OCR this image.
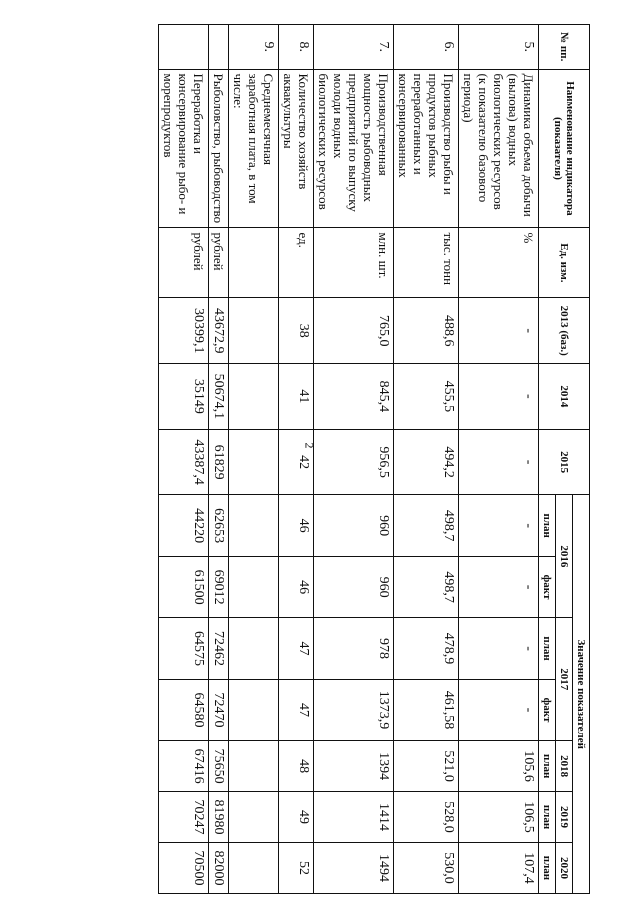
2
№ пп.	Наименование индикатора (показателя)	Ед. изм.	2013 (баз.)	2014	2015	Значение показателей						
						2016		2017		2018	2019	2020
										план	план	план
						план	факт	план	факт			
5.	Динамика объема добычи (вылова) водных биологических ресурсов (к показателю базового периода)	%	-	-	-	-	-	-	-	105,6	106,5	107,4
6.	Производство рыбы и продуктов рыбных переработанных и консервированных	тыс. тонн	488,6	455,5	494,2	498,7	498,7	478,9	461,58	521,0	528,0	530,0
7.	Производственная мощность рыбоводных предприятий по выпуску молоди водных биологических ресурсов	млн. шт.	765,0	845,4	956,5	960	960	978	1373,9	1394	1414	1494
8.	Количество хозяйств аквакультуры	ед.	38	41	42	46	46	47	47	48	49	52
9.	Среднемесячная заработная плата, в том числе:											
	Рыболовство, рыбоводство	рублей	43672,9	50674,1	61829	62653	69012	72462	72470	75650	81980	82000
	Переработка и консервирование рыбо- и морепродуктов	рублей	30399,1	35149	43387,4	44220	61500	64575	64580	67416	70247	70500
